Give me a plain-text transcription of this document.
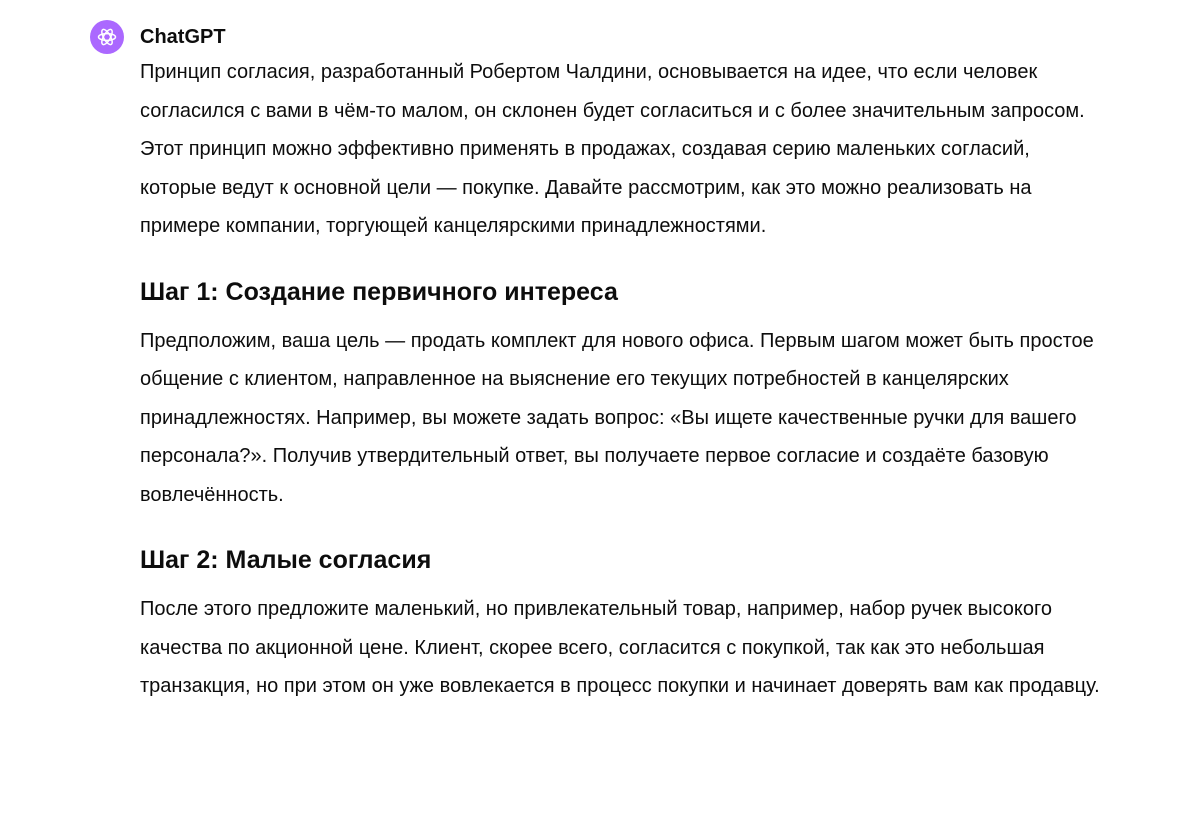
ChatGPT

Принцип согласия, разработанный Робертом Чалдини, основывается на идее, что если человек согласился с вами в чём-то малом, он склонен будет согласиться и с более значительным запросом. Этот принцип можно эффективно применять в продажах, создавая серию маленьких согласий, которые ведут к основной цели — покупке. Давайте рассмотрим, как это можно реализовать на примере компании, торгующей канцелярскими принадлежностями.

Шаг 1: Создание первичного интереса

Предположим, ваша цель — продать комплект для нового офиса. Первым шагом может быть простое общение с клиентом, направленное на выяснение его текущих потребностей в канцелярских принадлежностях. Например, вы можете задать вопрос: «Вы ищете качественные ручки для вашего персонала?». Получив утвердительный ответ, вы получаете первое согласие и создаёте базовую вовлечённость.

Шаг 2: Малые согласия

После этого предложите маленький, но привлекательный товар, например, набор ручек высокого качества по акционной цене. Клиент, скорее всего, согласится с покупкой, так как это небольшая транзакция, но при этом он уже вовлекается в процесс покупки и начинает доверять вам как продавцу.
